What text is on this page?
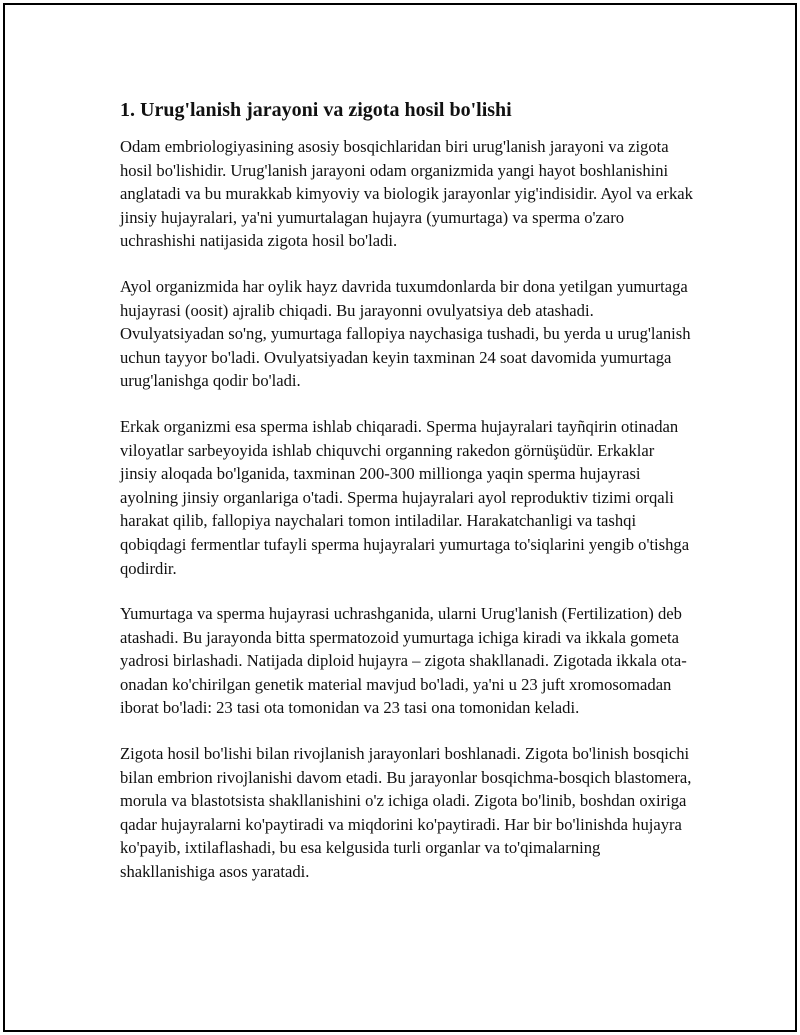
1. Urug'lanish jarayoni va zigota hosil bo'lishi

Odam embriologiyasining asosiy bosqichlaridan biri urug'lanish jarayoni va zigota hosil bo'lishidir. Urug'lanish jarayoni odam organizmida yangi hayot boshlanishini anglatadi va bu murakkab kimyoviy va biologik jarayonlar yig'indisidir. Ayol va erkak jinsiy hujayralari, ya'ni yumurtalagan hujayra (yumurtaga) va sperma o'zaro uchrashishi natijasida zigota hosil bo'ladi.

Ayol organizmida har oylik hayz davrida tuxumdonlarda bir dona yetilgan yumurtaga hujayrasi (oosit) ajralib chiqadi. Bu jarayonni ovulyatsiya deb atashadi. Ovulyatsiyadan so'ng, yumurtaga fallopiya naychasiga tushadi, bu yerda u urug'lanish uchun tayyor bo'ladi. Ovulyatsiyadan keyin taxminan 24 soat davomida yumurtaga urug'lanishga qodir bo'ladi.

Erkak organizmi esa sperma ishlab chiqaradi. Sperma hujayralari tayñqirin otinadan viloyatlar sarbeyoyida ishlab chiquvchi organning rakedon görnüşüdür. Erkaklar jinsiy aloqada bo'lganida, taxminan 200-300 millionga yaqin sperma hujayrasi ayolning jinsiy organlariga o'tadi. Sperma hujayralari ayol reproduktiv tizimi orqali harakat qilib, fallopiya naychalari tomon intiladilar. Harakatchanligi va tashqi qobiqdagi fermentlar tufayli sperma hujayralari yumurtaga to'siqlarini yengib o'tishga qodirdir.

Yumurtaga va sperma hujayrasi uchrashganida, ularni Urug'lanish (Fertilization) deb atashadi. Bu jarayonda bitta spermatozoid yumurtaga ichiga kiradi va ikkala gometa yadrosi birlashadi. Natijada diploid hujayra – zigota shakllanadi. Zigotada ikkala ota-onadan ko'chirilgan genetik material mavjud bo'ladi, ya'ni u 23 juft xromosomadan iborat bo'ladi: 23 tasi ota tomonidan va 23 tasi ona tomonidan keladi.

Zigota hosil bo'lishi bilan rivojlanish jarayonlari boshlanadi. Zigota bo'linish bosqichi bilan embrion rivojlanishi davom etadi. Bu jarayonlar bosqichma-bosqich blastomera, morula va blastotsista shakllanishini o'z ichiga oladi. Zigota bo'linib, boshdan oxiriga qadar hujayralarni ko'paytiradi va miqdorini ko'paytiradi. Har bir bo'linishda hujayra ko'payib, ixtilaflashadi, bu esa kelgusida turli organlar va to'qimalarning shakllanishiga asos yaratadi.
